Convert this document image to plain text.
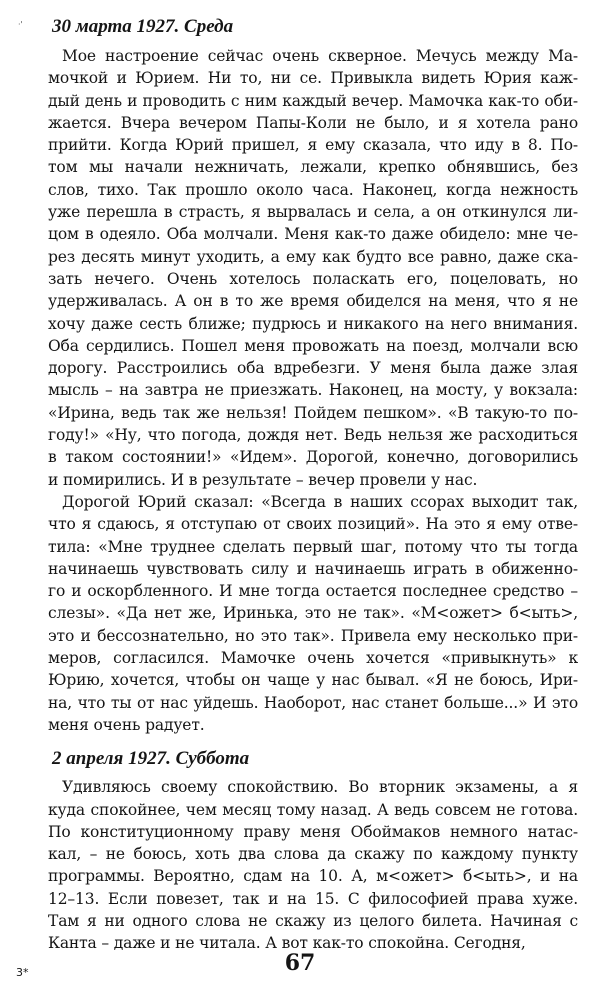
·' 30 марта 1927. Среда
Мое настроение сейчас очень скверное. Мечусь между Ма-
мочкой и Юрием. Ни то, ни се. Привыкла видеть Юрия каж-
дый день и проводить с ним каждый вечер. Мамочка как-то оби-
жается. Вчера вечером Папы-Коли не было, и я хотела рано
прийти. Когда Юрий пришел, я ему сказала, что иду в 8. По-
том мы начали нежничать, лежали, крепко обнявшись, без
слов, тихо. Так прошло около часа. Наконец, когда нежность
уже перешла в страсть, я вырвалась и села, а он откинулся ли-
цом в одеяло. Оба молчали. Меня как-то даже обидело: мне че-
рез десять минут уходить, а ему как будто все равно, даже ска-
зать нечего. Очень хотелось поласкать его, поцеловать, но
удерживалась. А он в то же время обиделся на меня, что я не
хочу даже сесть ближе; пудрюсь и никакого на него внимания.
Оба сердились. Пошел меня провожать на поезд, молчали всю
дорогу. Расстроились оба вдребезги. У меня была даже злая
мысль – на завтра не приезжать. Наконец, на мосту, у вокзала:
«Ирина, ведь так же нельзя! Пойдем пешком». «В такую-то по-
году!» «Ну, что погода, дождя нет. Ведь нельзя же расходиться
в таком состоянии!» «Идем». Дорогой, конечно, договорились
и помирились. И в результате – вечер провели у нас.
Дорогой Юрий сказал: «Всегда в наших ссорах выходит так,
что я сдаюсь, я отступаю от своих позиций». На это я ему отве-
тила: «Мне труднее сделать первый шаг, потому что ты тогда
начинаешь чувствовать силу и начинаешь играть в обиженно-
го и оскорбленного. И мне тогда остается последнее средство –
слезы». «Да нет же, Иринька, это не так». «М<ожет> б<ыть>,
это и бессознательно, но это так». Привела ему несколько при-
меров, согласился. Мамочке очень хочется «привыкнуть» к
Юрию, хочется, чтобы он чаще у нас бывал. «Я не боюсь, Ири-
на, что ты от нас уйдешь. Наоборот, нас станет больше...» И это
меня очень радует.
2 апреля 1927. Суббота
Удивляюсь своему спокойствию. Во вторник экзамены, а я
куда спокойнее, чем месяц тому назад. А ведь совсем не готова.
По конституционному праву меня Обоймаков немного натас-
кал, – не боюсь, хоть два слова да скажу по каждому пункту
программы. Вероятно, сдам на 10. А, м<ожет> б<ыть>, и на
12–13. Если повезет, так и на 15. С философией права хуже.
Там я ни одного слова не скажу из целого билета. Начиная с
Канта – даже и не читала. А вот как-то спокойна. Сегодня,
3*	67
